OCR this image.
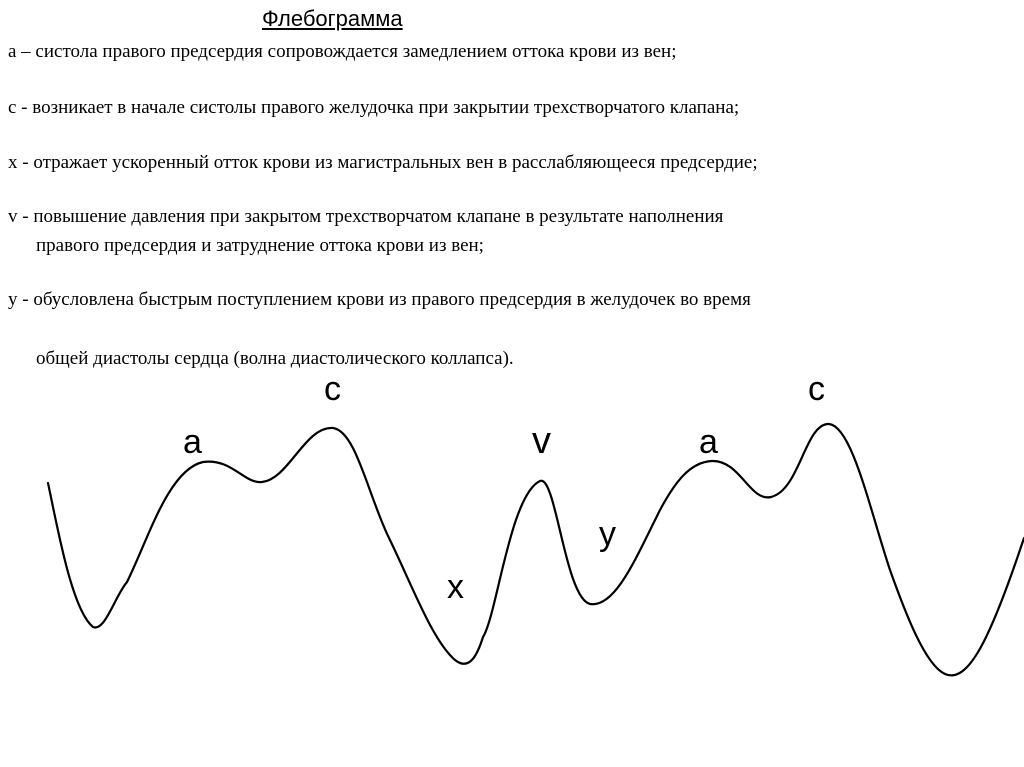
Флебограмма

а – систола правого предсердия сопровождается замедлением оттока крови из вен;

с - возникает в начале систолы правого желудочка при закрытии трехстворчатого клапана;

х - отражает ускоренный отток крови из магистральных вен в расслабляющееся предсердие;

v - повышение давления при закрытом трехстворчатом клапане в результате наполнения

правого предсердия и затруднение оттока крови из вен;

у - обусловлена быстрым поступлением крови из правого предсердия в желудочек во время

общей диастолы сердца (волна диастолического коллапса).

c	c
a	a
v
y
x
